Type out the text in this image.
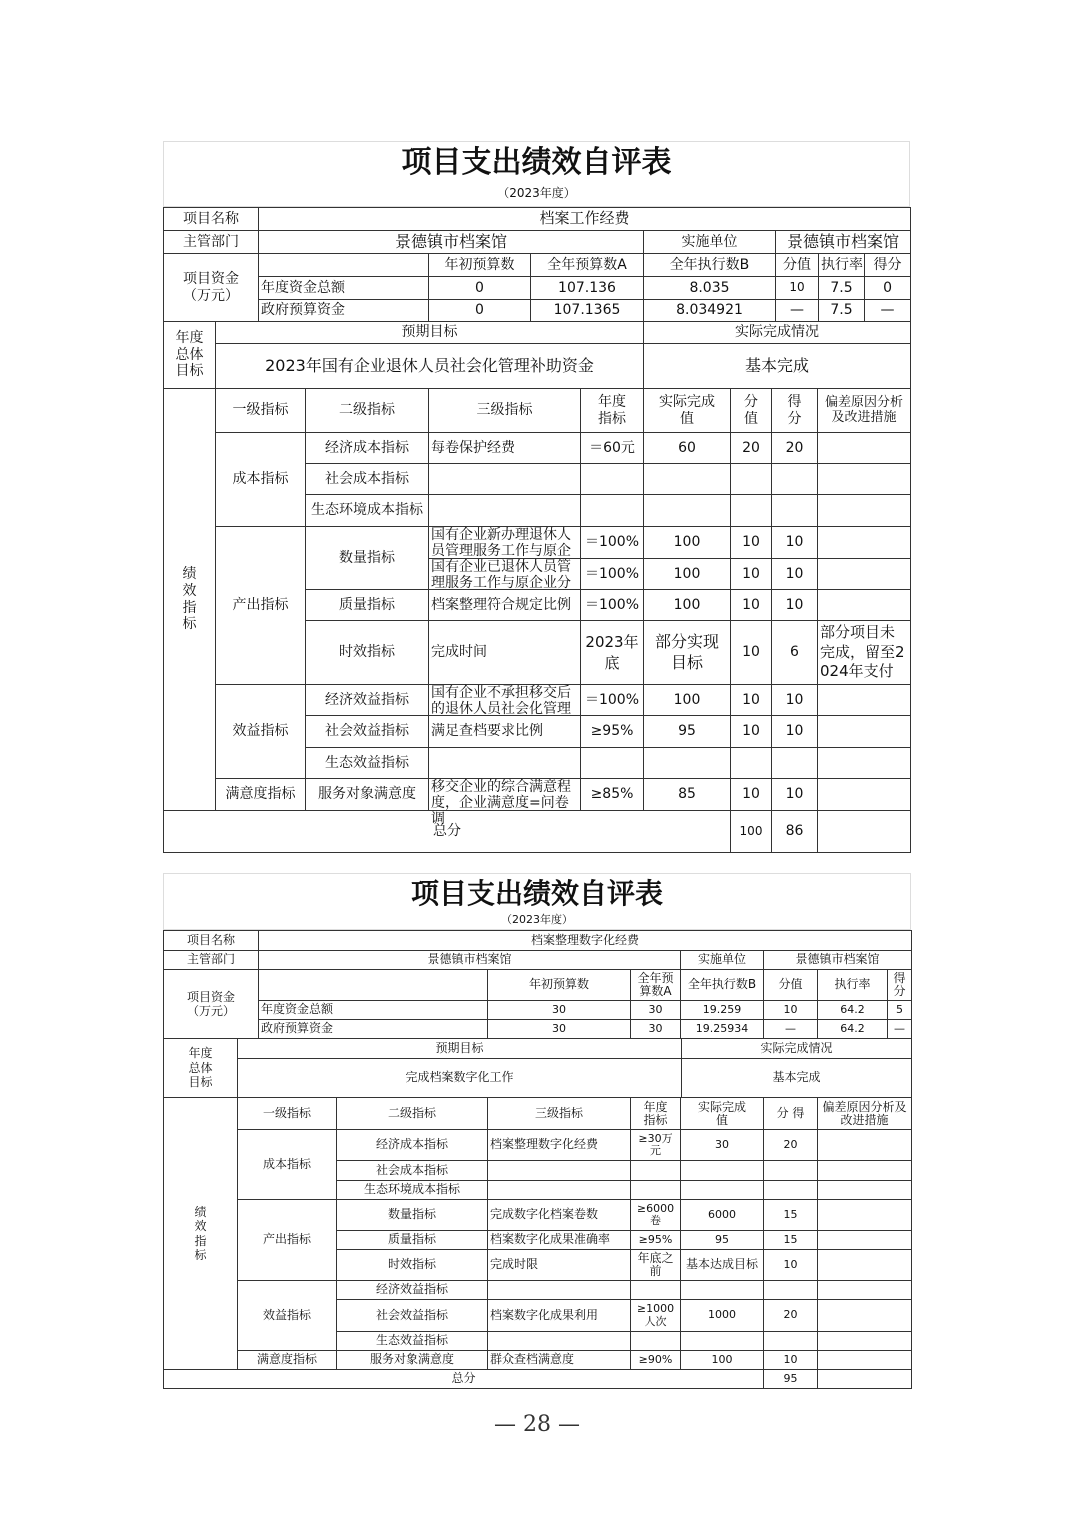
项目支出绩效自评表
（2023年度）
项目名称	档案工作经费						
主管部门	景德镇市档案馆			实施单位	景德镇市档案馆		

项目资金
（万元）		年初预算数	全年预算数A	全年执行数B	分值	执行率	得分
	年度资金总额	0	107.136	8.035	10	7.5	0
	政府预算资金	0	107.1365	8.034921	—	7.5	—
年度总体目标	预期目标	实际完成情况
	2023年国有企业退休人员社会化管理补助资金	基本完成
绩效指标	一级指标	二级指标	三级指标	年度指标	实际完成值	分值	得分	偏差原因分析及改进措施
	成本指标	经济成本指标	每卷保护经费	＝60元	60	20	20	
		社会成本指标						
		生态环境成本指标						
	产出指标	数量指标	国有企业新办理退休人员管理服务工作与原企	＝100%	100	10	10	

			国有企业已退休人员管理服务工作与原企业分	＝100%	100	10	10	
		质量指标	档案整理符合规定比例	＝100%	100	10	10	
		时效指标	完成时间	2023年底	部分实现目标	10	6	部分项目未完成，留至2024年支付
	效益指标	经济效益指标	国有企业不承担移交后的退休人员社会化管理	＝100%	100	10	10	
		社会效益指标	满足查档要求比例	≥95%	95	10	10	
		生态效益指标						
	满意度指标	服务对象满意度	移交企业的综合满意程度，企业满意度=问卷调	≥85%	85	10	10	
总分						100	86	
项目支出绩效自评表
（2023年度）
项目名称	档案整理数字化经费						
主管部门	景德镇市档案馆			实施单位	景德镇市档案馆		

项目资金
（万元）		年初预算数	全年预算数A	全年执行数B	分值	执行率	得分
	年度资金总额	30	30	19.259	10	64.2	5
	政府预算资金	30	30	19.25934	—	64.2	—
年度总体目标	预期目标	实际完成情况
	完成档案数字化工作	基本完成
绩效指标	一级指标	二级指标	三级指标	年度指标	实际完成值	分 得	偏差原因分析及改进措施
	成本指标	经济成本指标	档案整理数字化经费	≥30万元	30	20	
		社会成本指标					
		生态环境成本指标					
	产出指标	数量指标	完成数字化档案卷数	≥6000卷	6000	15	
		质量指标	档案数字化成果准确率	≥95%	95	15	
		时效指标	完成时限	年底之前	基本达成目标	10	
	效益指标	经济效益指标					
		社会效益指标	档案数字化成果利用	≥1000人次	1000	20	
		生态效益指标					
	满意度指标	服务对象满意度	群众查档满意度	≥90%	100	10	
总分						95	
— 28 —
